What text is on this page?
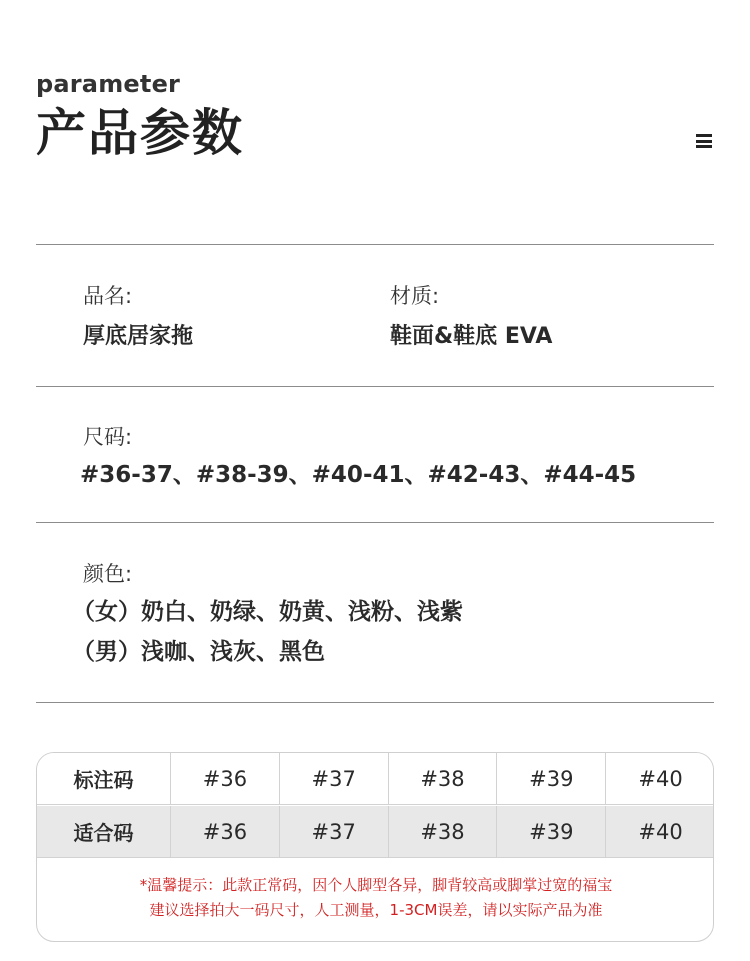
parameter
产品参数
品名:
厚底居家拖
材质:
鞋面&鞋底 EVA
尺码:
#36-37、#38-39、#40-41、#42-43、#44-45
颜色:
（女）奶白、奶绿、奶黄、浅粉、浅紫
（男）浅咖、浅灰、黑色
标注码	#36	#37	#38	#39	#40
适合码	#36	#37	#38	#39	#40
*温馨提示：此款正常码，因个人脚型各异，脚背较高或脚掌过宽的福宝
建议选择拍大一码尺寸，人工测量，1-3CM误差，请以实际产品为准
